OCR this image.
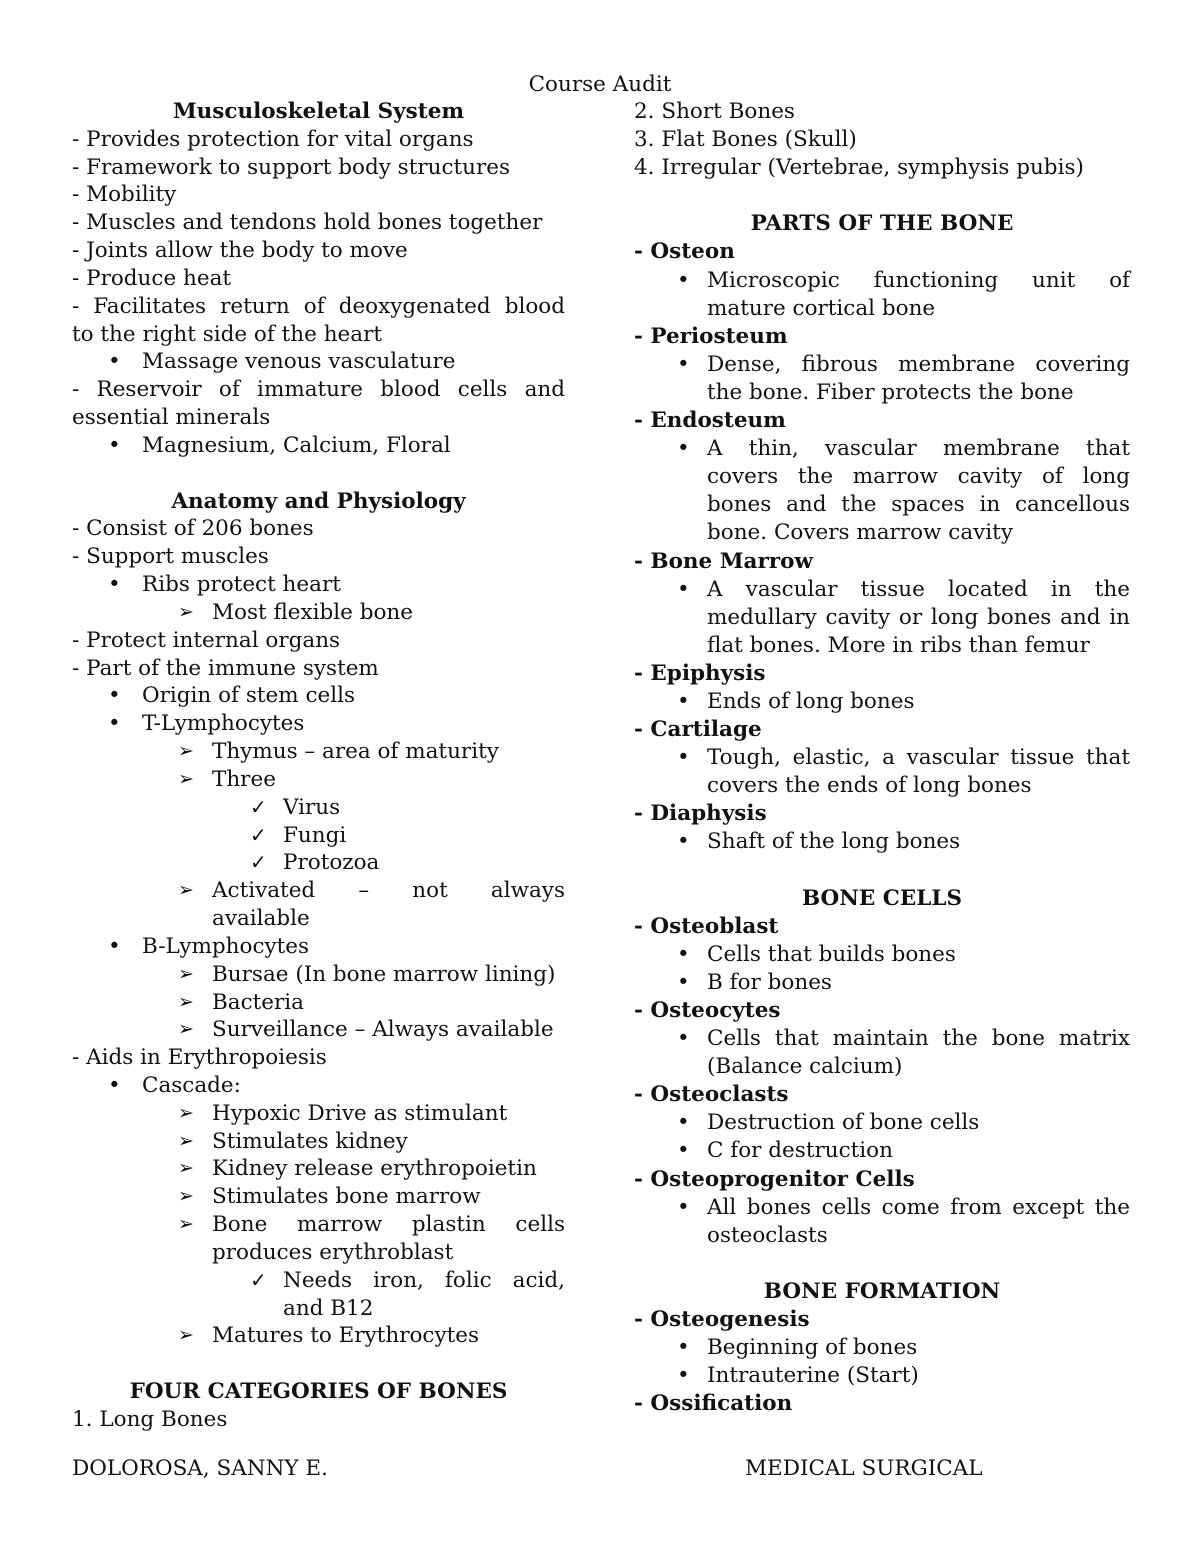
Course Audit
Musculoskeletal System
- Provides protection for vital organs
- Framework to support body structures
- Mobility
- Muscles and tendons hold bones together
- Joints allow the body to move
- Produce heat
- Facilitates return of deoxygenated blood
to the right side of the heart
•
Massage venous vasculature
- Reservoir of immature blood cells and
essential minerals
•
Magnesium, Calcium, Floral
Anatomy and Physiology
- Consist of 206 bones
- Support muscles
•
Ribs protect heart
➢
Most flexible bone
- Protect internal organs
- Part of the immune system
•
Origin of stem cells
•
T-Lymphocytes
➢
Thymus – area of maturity
➢
Three
✓
Virus
✓
Fungi
✓
Protozoa
➢
Activated – not always
available
•
B-Lymphocytes
➢
Bursae (In bone marrow lining)
➢
Bacteria
➢
Surveillance – Always available
- Aids in Erythropoiesis
•
Cascade:
➢
Hypoxic Drive as stimulant
➢
Stimulates kidney
➢
Kidney release erythropoietin
➢
Stimulates bone marrow
➢
Bone marrow plastin cells
produces erythroblast
✓
Needs iron, folic acid,
and B12
➢
Matures to Erythrocytes
FOUR CATEGORIES OF BONES
1. Long Bones
2. Short Bones
3. Flat Bones (Skull)
4. Irregular (Vertebrae, symphysis pubis)
PARTS OF THE BONE
- Osteon
•
Microscopic functioning unit of
mature cortical bone
- Periosteum
•
Dense, fibrous membrane covering
the bone. Fiber protects the bone
- Endosteum
•
A thin, vascular membrane that
covers the marrow cavity of long
bones and the spaces in cancellous
bone. Covers marrow cavity
- Bone Marrow
•
A vascular tissue located in the
medullary cavity or long bones and in
flat bones. More in ribs than femur
- Epiphysis
•
Ends of long bones
- Cartilage
•
Tough, elastic, a vascular tissue that
covers the ends of long bones
- Diaphysis
•
Shaft of the long bones
BONE CELLS
- Osteoblast
•
Cells that builds bones
•
B for bones
- Osteocytes
•
Cells that maintain the bone matrix
(Balance calcium)
- Osteoclasts
•
Destruction of bone cells
•
C for destruction
- Osteoprogenitor Cells
•
All bones cells come from except the
osteoclasts
BONE FORMATION
- Osteogenesis
•
Beginning of bones
•
Intrauterine (Start)
- Ossification
DOLOROSA, SANNY E.	MEDICAL SURGICAL
